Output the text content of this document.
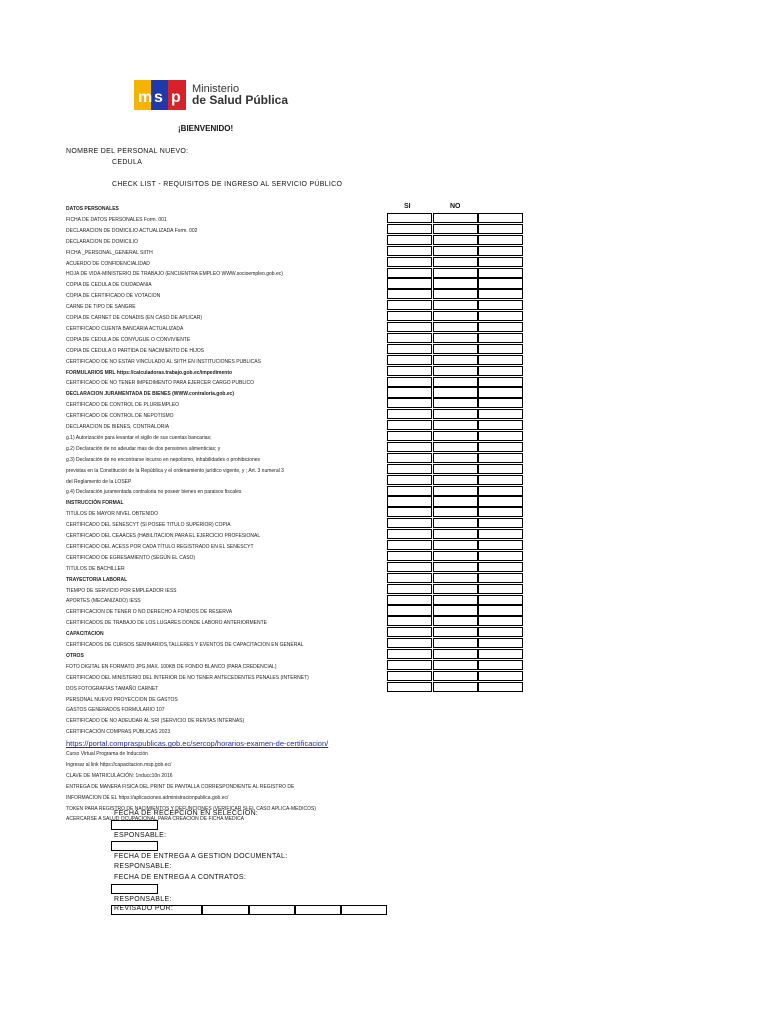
m s p Ministerio
de Salud Pública
¡BIENVENIDO!
NOMBRE DEL PERSONAL NUEVO:
CEDULA
CHECK LIST - REQUISITOS DE INGRESO AL SERVICIO PÚBLICO
SI	NO
DATOS PERSONALES
FICHA DE DATOS PERSONALES Form. 001
DECLARACION DE DOMICILIO ACTUALIZADA Form. 002
DECLARACION DE DOMICILIO
FICHA _PERSONAL_GENERAL SIITH
ACUERDO DE CONFIDENCIALIDAD
HOJA DE VIDA-MINISTERIO DE TRABAJO (ENCUENTRA EMPLEO WWW.socioempleo.gob.ec)
COPIA DE CEDULA DE CIUDADANIA
COPIA DE CERTIFICADO DE VOTACION
CARNE DE TIPO DE SANGRE
COPIA DE CARNET DE CONADIS (EN CASO DE APLICAR)
CERTIFICADO CUENTA BANCARIA ACTUALIZADA
COPIA DE CEDULA DE CONYUGUE O CONVIVIENTE
COPIA DE CEDULA O PARTIDA DE NACIMIENTO DE HIJOS
CERTIFICADO DE NO ESTAR VINCULADO AL SIITH EN INSTITUCIONES PUBLICAS
FORMULARIOS MRL https://calculadoras.trabajo.gob.ec/impedimento
CERTIFICADO DE NO TENER IMPEDIMENTO PARA EJERCER CARGO PUBLICO
DECLARACION JURAMENTADA DE BIENES (WWW.contraloria.gob.ec)
CERTIFICADO DE CONTROL DE PLURIEMPLEO
CERTIFICADO DE CONTROL DE NEPOTISMO
DECLARACION DE BIENES, CONTRALORIA
g.1) Autorización para levantar el sigilo de sus cuentas bancarias;
g.2) Declaración de no adeudar mas de dos pensiones alimenticias; y
g.3) Declaración de no encontrarse incurso en nepotismo, inhabilidades o prohibiciones
previstas en la Constitución de la República y el ordenamiento jurídico vigente, y ; Art. 3 numeral 3
del Reglamento de la LOSEP
g.4) Declaración juramentada contraloria no poseer bienes en paraisos fiscales
INSTRUCCIÓN FORMAL
TITULOS DE MAYOR NIVEL OBTENIDO
CERTIFICADO DEL SENESCYT (SI POSEE TITULO SUPERIOR) COPIA
CERTIFICADO DEL CEAACES (HABILITACION PARA EL EJERCICIO PROFESIONAL
CERTIFICADO DEL ACESS POR CADA TÍTULO REGISTRADO EN EL SENESCYT
CERTIFICADO DE EGRESAMIENTO (SEGÚN EL CASO)
TITULOS DE BACHILLER
TRAYECTORIA LABORAL
TIEMPO DE SERVICIO POR EMPLEADOR IESS
APORTES (MECANIZADO) IESS
CERTIFICACION DE TENER O NO DERECHO A FONDOS DE RESERVA
CERTIFICADOS DE TRABAJO DE LOS LUGARES DONDE LABORO ANTERIORMENTE
CAPACITACION
CERTIFICADOS DE CURSOS SEMINARIOS,TALLERES Y EVENTOS DE CAPACITACION EN GENERAL
OTROS
FOTO DIGITAL EN FORMATO JPG,MAX. 100KB DE FONDO BLANCO (PARA CREDENCIAL)
CERTIFICADO DEL MINISTERIO DEL INTERIOR DE NO TENER ANTECEDENTES PENALES (INTERNET)
DOS FOTOGRAFIAS TAMAÑO CARNET
PERSONAL NUEVO PROYECCION DE GASTOS
GASTOS GENERADOS FORMULARIO 107
CERTIFICADO DE NO ADEUDAR AL SRI (SERVICIO DE RENTAS INTERNAS)
CERTIFICACIÓN COMPRAS PÚBLICAS 2023
https://portal.compraspublicas.gob.ec/sercop/horarios-examen-de-certificacion/
Curso Virtual Programa de Inducción
Ingresar al link https://capacitacion.msp.gob.ec/
CLAVE DE MATRICULACIÓN: 1nducc10n 2016
ENTREGA DE MANERA FISICA DEL PRINT DE PANTALLA CORRESPONDIENTE AL REGISTRO DE
INFORMACION DE EL https://aplicaciones.administracionpublica.gob.ec/
TOKEN PARA REGISTRO DE NACIMIENTOS Y DEFUNCIONES (VERIFICAR SI EL CASO APLICA-MEDICOS)
ACERCARSE A SALUD OCUPACIONAL PARA CREACION DE FICHA MEDICA
FECHA DE RECEPCION EN SELECCIÓN:
ESPONSABLE:
FECHA DE ENTREGA A GESTION DOCUMENTAL:
RESPONSABLE:
FECHA DE ENTREGA A CONTRATOS:
RESPONSABLE:
REVISADO POR:
